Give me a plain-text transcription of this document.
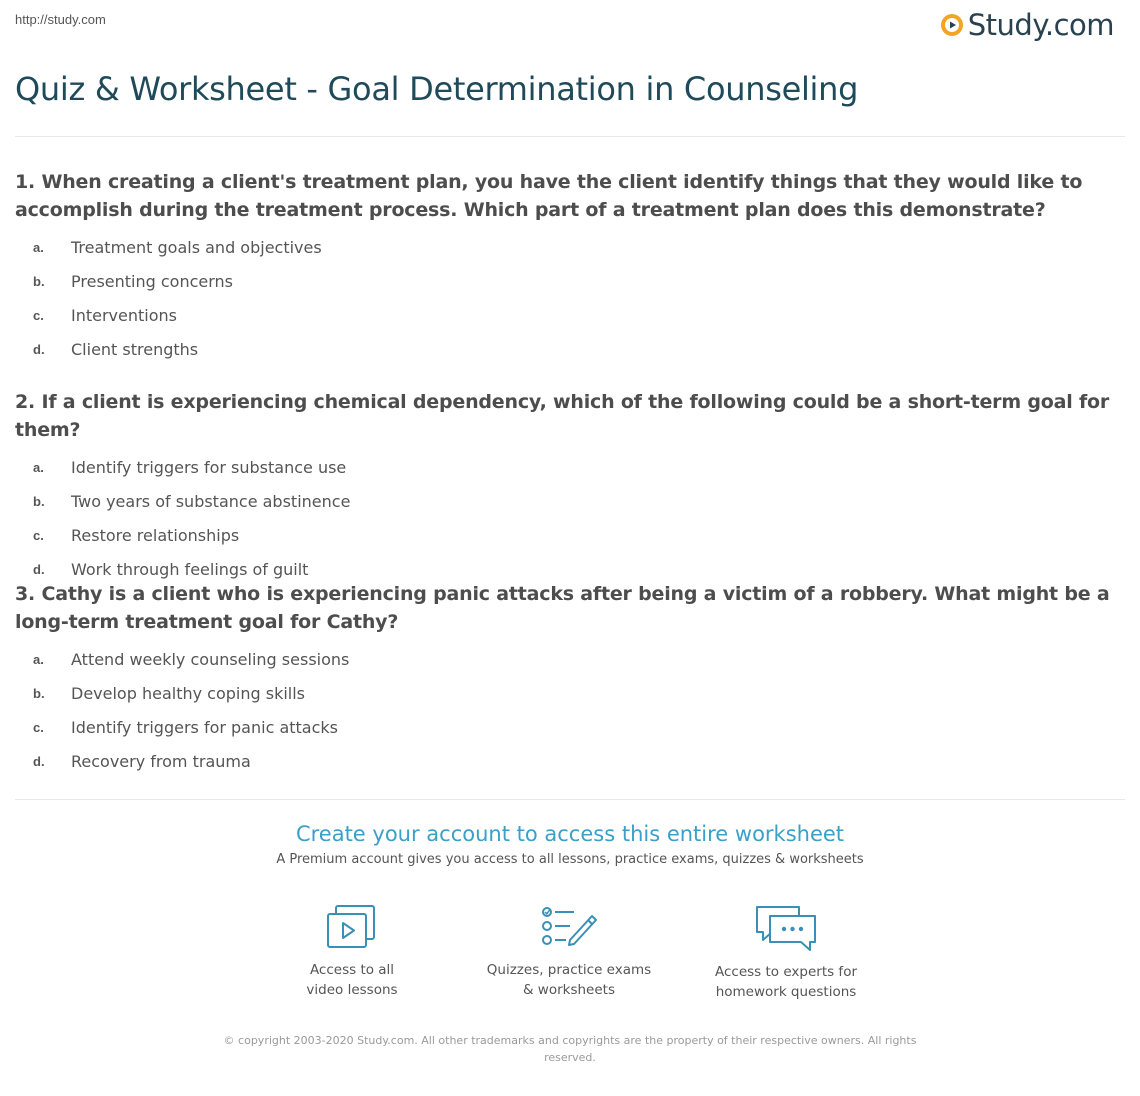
http://study.com	Study.com
Quiz & Worksheet - Goal Determination in Counseling

1. When creating a client's treatment plan, you have the client identify things that they would like to accomplish during the treatment process. Which part of a treatment plan does this demonstrate?

a.	Treatment goals and objectives
b.	Presenting concerns
c.	Interventions
d.	Client strengths

2. If a client is experiencing chemical dependency, which of the following could be a short-term goal for them?

a.	Identify triggers for substance use
b.	Two years of substance abstinence
c.	Restore relationships
d.	Work through feelings of guilt

3. Cathy is a client who is experiencing panic attacks after being a victim of a robbery. What might be a long-term treatment goal for Cathy?

a.	Attend weekly counseling sessions
b.	Develop healthy coping skills
c.	Identify triggers for panic attacks
d.	Recovery from trauma
Create your account to access this entire worksheet
A Premium account gives you access to all lessons, practice exams, quizzes & worksheets
Access to all
video lessons
Quizzes, practice exams
& worksheets
Access to experts for
homework questions
© copyright 2003-2020 Study.com. All other trademarks and copyrights are the property of their respective owners. All rights reserved.
